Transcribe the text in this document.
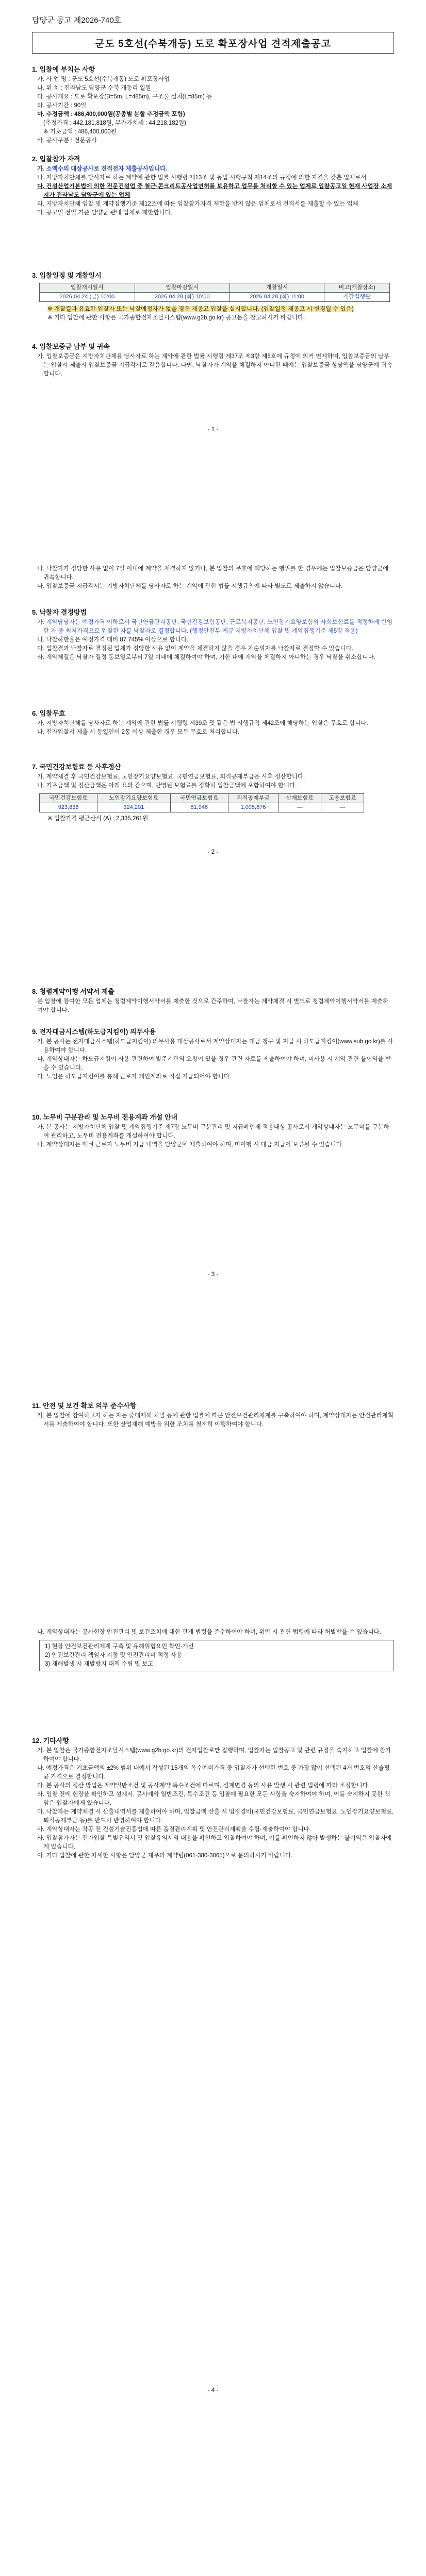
담양군 공고 제2026-740호
군도 5호선(수북개동) 도로 확포장사업 견적제출공고

1. 입찰에 부치는 사항

가. 사 업 명 : 군도 5호선(수북개동) 도로 확포장사업

나. 위 치 : 전라남도 담양군 수북 개동리 일원

다. 공사개요 : 도로 확포장(B=5m, L=485m), 구조물 설치(L=85m) 등

라. 공사기간 : 90일

마. 추정금액 : 486,400,000원(공종별 분할 추정금액 포함)

(추정가격 : 442,181,818원, 부가가치세 : 44,218,182원)

※ 기초금액 : 486,400,000원

바. 공사구분 : 전문공사

2. 입찰참가 자격

가. 소액수의 대상공사로 견적전자 제출공사입니다.

나. 지방자치단체를 당사자로 하는 계약에 관한 법률 시행령 제13조 및 동법 시행규칙 제14조의 규정에 의한 자격을 갖춘 업체로서

다. 건설산업기본법에 의한 전문건설업 중 철근·콘크리트공사업면허를 보유하고 업무를 처리할 수 있는 업체로 입찰공고일 현재 사업장 소재지가 전라남도 담양군에 있는 업체

라. 지방자치단체 입찰 및 계약집행기준 제12조에 따른 입찰참가자격 제한을 받지 않은 업체로서 견적서를 제출할 수 있는 업체

마. 공고일 전일 기준 담양군 관내 업체로 제한합니다.

3. 입찰일정 및 개찰일시

입찰개시일시	입찰마감일시	개찰일시	비고(개찰장소)
2026.04.24.(금) 10:00	2026.04.28.(화) 10:00	2026.04.28.(화) 11:00	개찰집행관

※ 개찰결과 유효한 입찰자 또는 낙찰예정자가 없을 경우 재공고 입찰을 실시합니다. (입찰일정 재공고 시 변경될 수 있음)

※ 기타 입찰에 관한 사항은 국가종합전자조달시스템(www.g2b.go.kr) 공고문을 참고하시기 바랍니다.

4. 입찰보증금 납부 및 귀속

가. 입찰보증금은 지방자치단체를 당사자로 하는 계약에 관한 법률 시행령 제37조 제3항 제5호에 규정에 의거 면제하며, 입찰보증금의 납부는 입찰서 제출시 입찰보증금 지급각서로 갈음합니다. 다만, 낙찰자가 계약을 체결하지 아니한 때에는 입찰보증금 상당액을 담양군에 귀속합니다.

- 1 -

나. 낙찰자가 정당한 사유 없이 7일 이내에 계약을 체결하지 않거나, 본 입찰의 무효에 해당하는 행위를 한 경우에는 입찰보증금은 담양군에 귀속합니다.

다. 입찰보증금 지급각서는 지방자치단체를 당사자로 하는 계약에 관한 법률 시행규칙에 따라 별도로 제출하지 않습니다.

5. 낙찰자 결정방법

가. 계약담당자는 예정가격 이하로서 국민연금관리공단, 국민건강보험공단, 근로복지공단, 노인장기요양보험의 사회보험료를 적정하게 반영한 자 중 최저가격으로 입찰한 자를 낙찰자로 결정합니다. (행정안전부 예규 지방자치단체 입찰 및 계약집행기준 제5장 적용)

나. 낙찰하한율은 예정가격 대비 87.745% 이상으로 합니다.

다. 입찰결과 낙찰자로 결정된 업체가 정당한 사유 없이 계약을 체결하지 않을 경우 차순위자를 낙찰자로 결정할 수 있습니다.

라. 계약체결은 낙찰자 결정 통보일로부터 7일 이내에 체결하여야 하며, 기한 내에 계약을 체결하지 아니하는 경우 낙찰을 취소합니다.

6. 입찰무효

가. 지방자치단체를 당사자로 하는 계약에 관한 법률 시행령 제39조 및 같은 법 시행규칙 제42조에 해당하는 입찰은 무효로 합니다.

나. 전자입찰서 제출 시 동일인이 2통 이상 제출한 경우 모두 무효로 처리합니다.

7. 국민건강보험료 등 사후정산

가. 계약체결 후 국민건강보험료, 노인장기요양보험료, 국민연금보험료, 퇴직공제부금은 사후 정산합니다.

나. 기초금액 및 정산금액은 아래 표와 같으며, 반영된 보험료를 정확히 입찰금액에 포함하여야 합니다.

국민건강보험료	노인장기요양보험료	국민연금보험료	퇴직공제부금	산재보험료	고용보험료
923,836	324,201	81,946	1,005,676	—	—

※ 입찰가격 평균산식 (A) : 2,335,261원

- 2 -

8. 청렴계약이행 서약서 제출

본 입찰에 참여한 모든 업체는 청렴계약이행서약서를 제출한 것으로 간주하며, 낙찰자는 계약체결 시 별도로 청렴계약이행서약서를 제출하여야 합니다.

9. 전자대금시스템(하도급지킴이) 의무사용

가. 본 공사는 전자대금시스템(하도급지킴이) 의무사용 대상공사로서 계약상대자는 대금 청구 및 지급 시 하도급지킴이(www.sub.go.kr)를 사용하여야 합니다.

나. 계약상대자는 하도급지킴이 사용 관련하여 발주기관의 요청이 있을 경우 관련 자료를 제출하여야 하며, 미사용 시 계약 관련 불이익을 받을 수 있습니다.

다. 노임은 하도급지킴이를 통해 근로자 개인계좌로 직접 지급되어야 합니다.

10. 노무비 구분관리 및 노무비 전용계좌 개설 안내

가. 본 공사는 지방자치단체 입찰 및 계약집행기준 제7장 노무비 구분관리 및 지급확인제 적용대상 공사로서 계약상대자는 노무비를 구분하여 관리하고, 노무비 전용계좌를 개설하여야 합니다.

나. 계약상대자는 매월 근로자 노무비 지급 내역을 담양군에 제출하여야 하며, 미이행 시 대금 지급이 보류될 수 있습니다.

- 3 -

11. 안전 및 보건 확보 의무 준수사항

가. 본 입찰에 참여하고자 하는 자는 중대재해 처벌 등에 관한 법률에 따른 안전보건관리체계를 구축하여야 하며, 계약상대자는 안전관리계획서를 제출하여야 합니다. 또한 산업재해 예방을 위한 조치를 철저히 이행하여야 합니다.

나. 계약상대자는 공사현장 안전관리 및 보건조치에 대한 관계 법령을 준수하여야 하며, 위반 시 관련 법령에 따라 처벌받을 수 있습니다.

1) 현장 안전보건관리체계 구축 및 유해위험요인 확인·개선

2) 안전보건관리 책임자 지정 및 안전관리비 적정 사용

3) 재해발생 시 재발방지 대책 수립 및 보고

12. 기타사항

가. 본 입찰은 국가종합전자조달시스템(www.g2b.go.kr)의 전자입찰로만 집행하며, 입찰자는 입찰공고 및 관련 규정을 숙지하고 입찰에 참가하여야 합니다.

나. 예정가격은 기초금액의 ±2% 범위 내에서 작성된 15개의 복수예비가격 중 입찰자가 선택한 번호 중 가장 많이 선택된 4개 번호의 산술평균 가격으로 결정합니다.

다. 본 공사의 정산 방법은 계약일반조건 및 공사계약 특수조건에 따르며, 설계변경 등의 사유 발생 시 관련 법령에 따라 조정합니다.

라. 입찰 전에 현장을 확인하고 설계서, 공사계약 일반조건, 특수조건 등 입찰에 필요한 모든 사항을 숙지하여야 하며, 이를 숙지하지 못한 책임은 입찰자에게 있습니다.

마. 낙찰자는 계약체결 시 산출내역서를 제출하여야 하며, 입찰금액 산출 시 법정경비(국민건강보험료, 국민연금보험료, 노인장기요양보험료, 퇴직공제부금 등)를 반드시 반영하여야 합니다.

바. 계약상대자는 착공 전 건설기술진흥법에 따른 품질관리계획 및 안전관리계획을 수립·제출하여야 합니다.

사. 입찰참가자는 전자입찰 특별유의서 및 입찰유의서의 내용을 확인하고 입찰하여야 하며, 이를 확인하지 않아 발생하는 불이익은 입찰자에게 있습니다.

아. 기타 입찰에 관한 자세한 사항은 담양군 재무과 계약팀(061-380-3065)으로 문의하시기 바랍니다.

- 4 -
